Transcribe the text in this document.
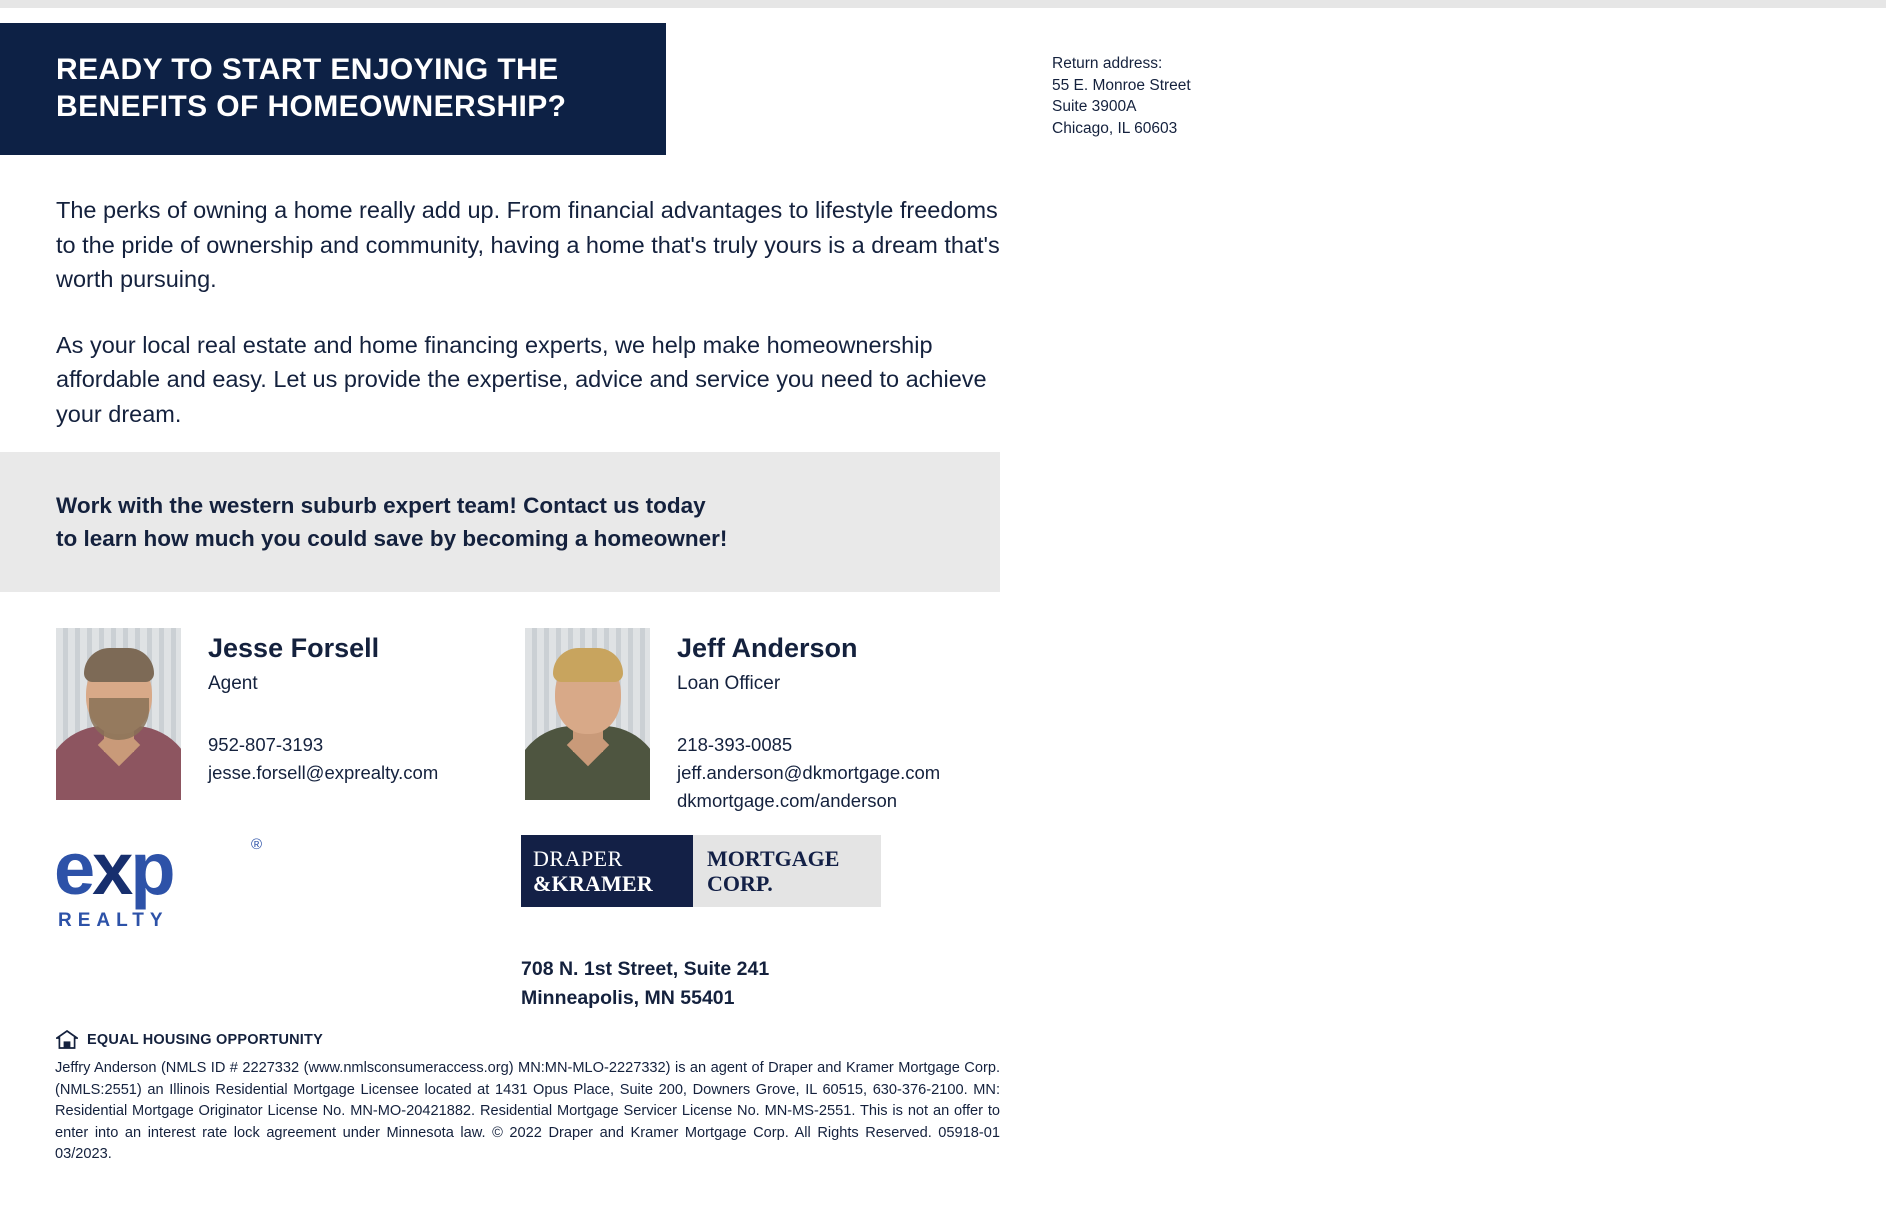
READY TO START ENJOYING THE
BENEFITS OF HOMEOWNERSHIP?
Return address:
55 E. Monroe Street
Suite 3900A
Chicago, IL 60603

The perks of owning a home really add up. From financial advantages to lifestyle freedoms to the pride of ownership and community, having a home that's truly yours is a dream that's worth pursuing.

As your local real estate and home financing experts, we help make homeownership affordable and easy. Let us provide the expertise, advice and service you need to achieve your dream.

Work with the western suburb expert team! Contact us today
to learn how much you could save by becoming a homeowner!
Jesse Forsell
Agent
952-807-3193
jesse.forsell@exprealty.com
Jeff Anderson
Loan Officer
218-393-0085
jeff.anderson@dkmortgage.com
dkmortgage.com/anderson
exp	®
REALTY
DRAPER
&KRAMER
MORTGAGE
CORP.
708 N. 1st Street, Suite 241
Minneapolis, MN 55401
EQUAL HOUSING OPPORTUNITY
Jeffry Anderson (NMLS ID # 2227332 (www.nmlsconsumeraccess.org) MN:MN-MLO-2227332) is an agent of Draper and Kramer Mortgage Corp. (NMLS:2551) an Illinois Residential Mortgage Licensee located at 1431 Opus Place, Suite 200, Downers Grove, IL 60515, 630-376-2100. MN: Residential Mortgage Originator License No. MN-MO-20421882. Residential Mortgage Servicer License No. MN-MS-2551. This is not an offer to enter into an interest rate lock agreement under Minnesota law. © 2022 Draper and Kramer Mortgage Corp. All Rights Reserved. 05918-01 03/2023.
